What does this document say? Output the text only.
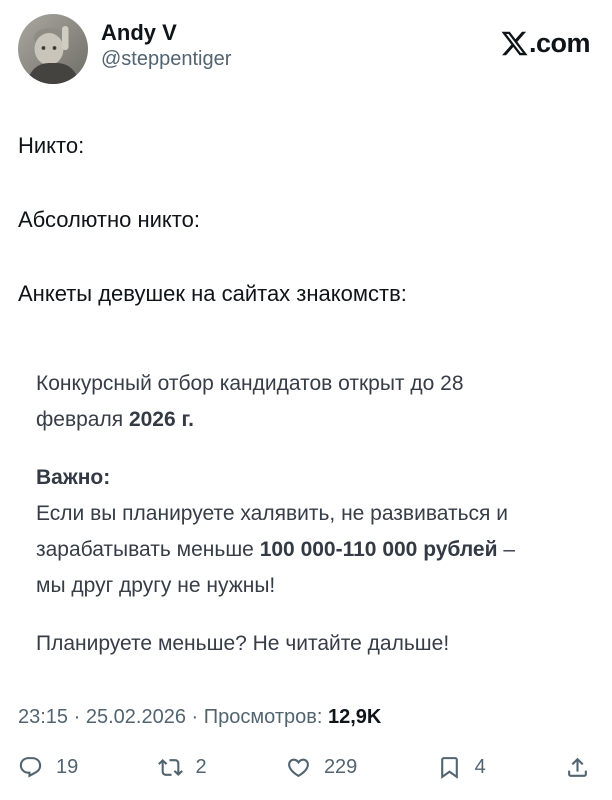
Andy V
@steppentiger
.com

Никто:

Абсолютно никто:

Анкеты девушек на сайтах знакомств:

Конкурсный отбор кандидатов открыт до 28 февраля 2026 г.

Важно:
Если вы планируете халявить, не развиваться и зарабатывать меньше 100 000-110 000 рублей – мы друг другу не нужны!

Планируете меньше? Не читайте дальше!

23:15 · 25.02.2026 · Просмотров: 12,9K
19	2	229	4
